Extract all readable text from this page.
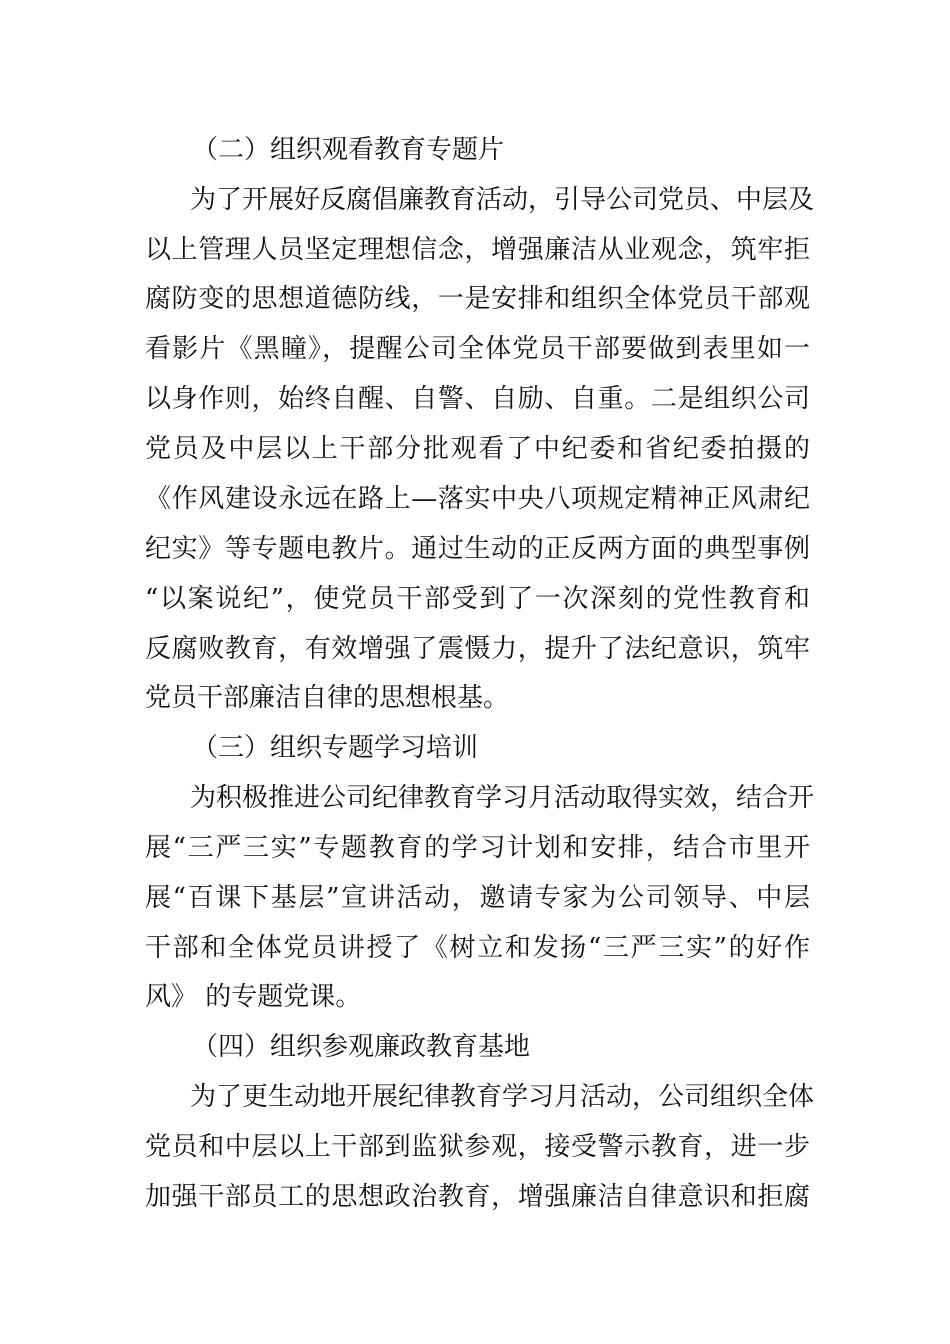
（二）组织观看教育专题片
为了开展好反腐倡廉教育活动，引导公司党员、中层及
以上管理人员坚定理想信念，增强廉洁从业观念，筑牢拒
腐防变的思想道德防线，一是安排和组织全体党员干部观
看影片《黑瞳》，提醒公司全体党员干部要做到表里如一
以身作则，始终自醒、自警、自励、自重。二是组织公司
党员及中层以上干部分批观看了中纪委和省纪委拍摄的
《作风建设永远在路上—落实中央八项规定精神正风肃纪
纪实》等专题电教片。通过生动的正反两方面的典型事例
“以案说纪”，使党员干部受到了一次深刻的党性教育和
反腐败教育，有效增强了震慑力，提升了法纪意识，筑牢
党员干部廉洁自律的思想根基。
（三）组织专题学习培训
为积极推进公司纪律教育学习月活动取得实效，结合开
展“三严三实”专题教育的学习计划和安排，结合市里开
展“百课下基层”宣讲活动，邀请专家为公司领导、中层
干部和全体党员讲授了《树立和发扬“三严三实”的好作
风》 的专题党课。
（四）组织参观廉政教育基地
为了更生动地开展纪律教育学习月活动，公司组织全体
党员和中层以上干部到监狱参观，接受警示教育，进一步
加强干部员工的思想政治教育，增强廉洁自律意识和拒腐
